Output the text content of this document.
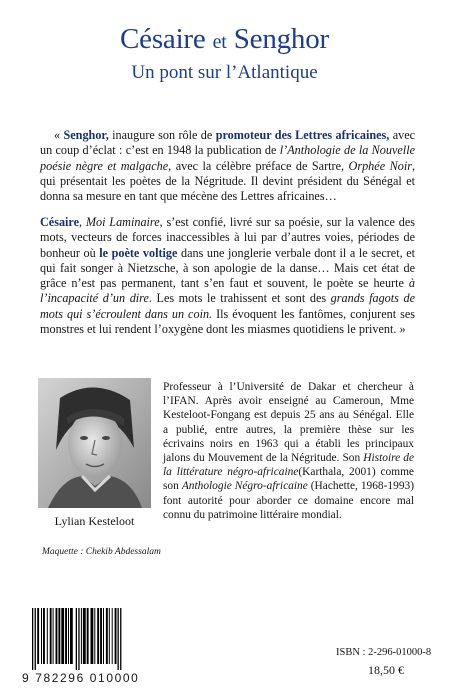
Césaire et Senghor
Un pont sur l’Atlantique

« Senghor, inaugure son rôle de promoteur des Lettres africaines, avec un coup d’éclat : c’est en 1948 la publication de l’Anthologie de la Nouvelle poésie nègre et malgache, avec la célèbre préface de Sartre, Orphée Noir, qui présentait les poètes de la Négritude. Il devint président du Sénégal et donna sa mesure en tant que mécène des Lettres africaines…

Césaire, Moi Laminaire, s’est confié, livré sur sa poésie, sur la valence des mots, vecteurs de forces inaccessibles à lui par d’autres voies, périodes de bonheur où le poète voltige dans une jonglerie verbale dont il a le secret, et qui fait songer à Nietzsche, à son apologie de la danse… Mais cet état de grâce n’est pas permanent, tant s’en faut et souvent, le poète se heurte à l’incapacité d’un dire. Les mots le trahissent et sont des grands fagots de mots qui s’écroulent dans un coin. Ils évoquent les fantômes, conjurent ses monstres et lui rendent l’oxygène dont les miasmes quotidiens le privent. »

Lylian Kesteloot

Professeur à l’Université de Dakar et chercheur à l’IFAN. Après avoir enseigné au Cameroun, Mme Kesteloot-Fongang est depuis 25 ans au Sénégal. Elle a publié, entre autres, la première thèse sur les écrivains noirs en 1963 qui a établi les principaux jalons du Mouvement de la Négritude. Son Histoire de la littérature négro-africaine(Karthala, 2001) comme son Anthologie Négro-africaine (Hachette, 1968-1993) font autorité pour aborder ce domaine encore mal connu du patrimoine littéraire mondial.

Maquette : Chekib Abdessalam
9 782296 010000
ISBN : 2-296-01000-8
18,50 €
